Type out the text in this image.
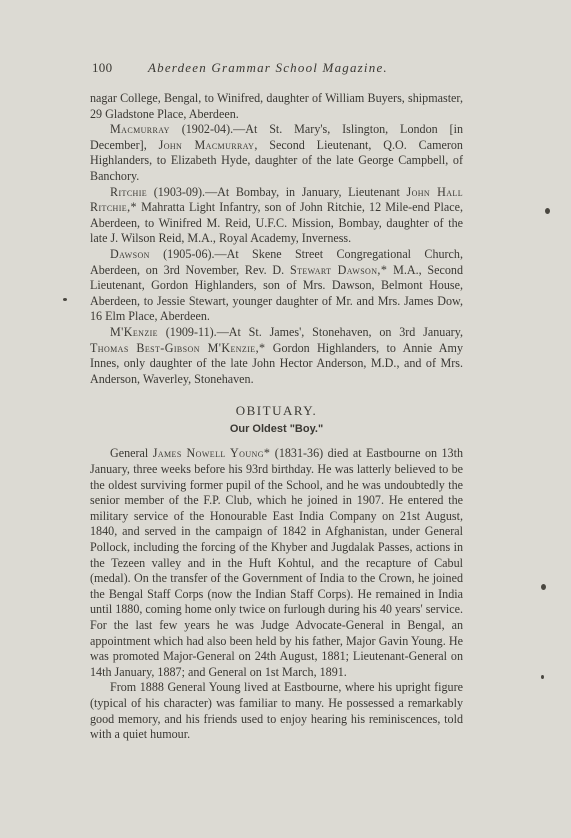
100	Aberdeen Grammar School Magazine.

nagar College, Bengal, to Winifred, daughter of William Buyers, shipmaster, 29 Gladstone Place, Aberdeen.

Macmurray (1902-04).—At St. Mary's, Islington, London [in December], John Macmurray, Second Lieutenant, Q.O. Cameron Highlanders, to Elizabeth Hyde, daughter of the late George Campbell, of Banchory.

Ritchie (1903-09).—At Bombay, in January, Lieutenant John Hall Ritchie,* Mahratta Light Infantry, son of John Ritchie, 12 Mile-end Place, Aberdeen, to Winifred M. Reid, U.F.C. Mission, Bombay, daughter of the late J. Wilson Reid, M.A., Royal Academy, Inverness.

Dawson (1905-06).—At Skene Street Congregational Church, Aberdeen, on 3rd November, Rev. D. Stewart Dawson,* M.A., Second Lieutenant, Gordon Highlanders, son of Mrs. Dawson, Belmont House, Aberdeen, to Jessie Stewart, younger daughter of Mr. and Mrs. James Dow, 16 Elm Place, Aberdeen.

M'Kenzie (1909-11).—At St. James', Stonehaven, on 3rd January, Thomas Best-Gibson M'Kenzie,* Gordon Highlanders, to Annie Amy Innes, only daughter of the late John Hector Anderson, M.D., and of Mrs. Anderson, Waverley, Stonehaven.

OBITUARY.
Our Oldest "Boy."

General James Nowell Young* (1831-36) died at Eastbourne on 13th January, three weeks before his 93rd birthday. He was latterly believed to be the oldest surviving former pupil of the School, and he was undoubtedly the senior member of the F.P. Club, which he joined in 1907. He entered the military service of the Honourable East India Company on 21st August, 1840, and served in the campaign of 1842 in Afghanistan, under General Pollock, including the forcing of the Khyber and Jugdalak Passes, actions in the Tezeen valley and in the Huft Kohtul, and the recapture of Cabul (medal). On the transfer of the Government of India to the Crown, he joined the Bengal Staff Corps (now the Indian Staff Corps). He remained in India until 1880, coming home only twice on furlough during his 40 years' service. For the last few years he was Judge Advocate-General in Bengal, an appointment which had also been held by his father, Major Gavin Young. He was promoted Major-General on 24th August, 1881; Lieutenant-General on 14th January, 1887; and General on 1st March, 1891.

From 1888 General Young lived at Eastbourne, where his upright figure (typical of his character) was familiar to many. He possessed a remarkably good memory, and his friends used to enjoy hearing his reminiscences, told with a quiet humour.
